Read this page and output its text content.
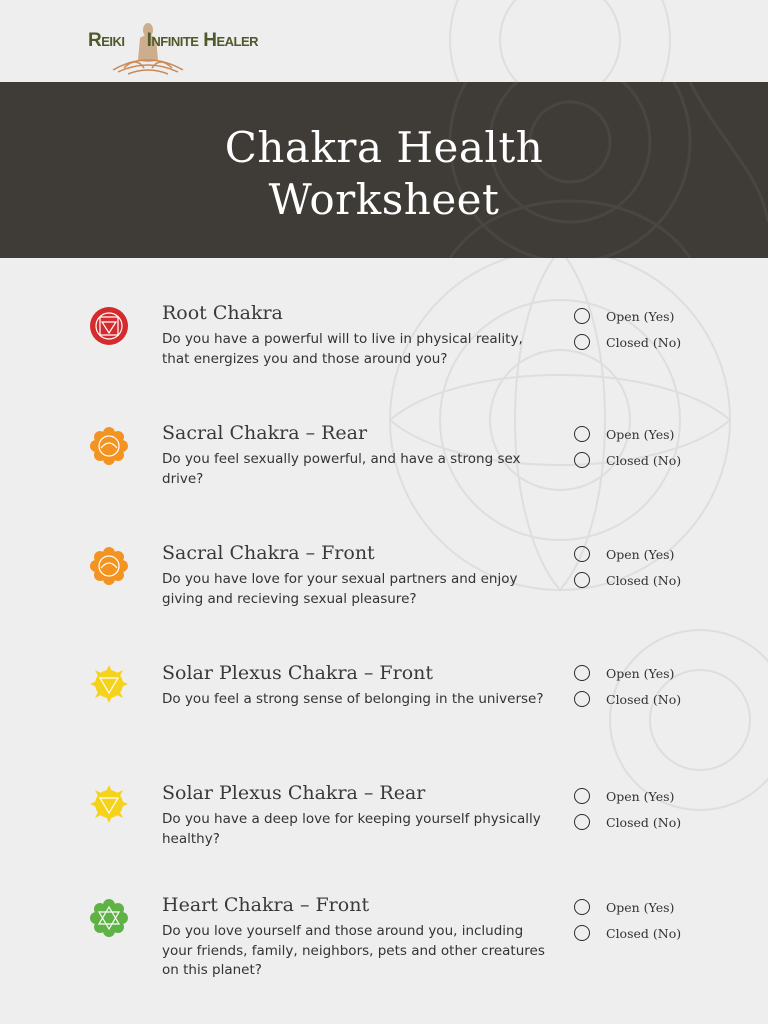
Reiki Infinite Healer
Chakra Health
Worksheet
Root Chakra
Do you have a powerful will to live in physical reality, that energizes you and those around you?
Open (Yes)
Closed (No)
Sacral Chakra – Rear
Do you feel sexually powerful, and have a strong sex drive?
Open (Yes)
Closed (No)
Sacral Chakra – Front
Do you have love for your sexual partners and enjoy giving and recieving sexual pleasure?
Open (Yes)
Closed (No)
Solar Plexus Chakra – Front
Do you feel a strong sense of belonging in the universe?
Open (Yes)
Closed (No)
Solar Plexus Chakra – Rear
Do you have a deep love for keeping yourself physically healthy?
Open (Yes)
Closed (No)
Heart Chakra – Front
Do you love yourself and those around you, including your friends, family, neighbors, pets and other creatures on this planet?
Open (Yes)
Closed (No)
